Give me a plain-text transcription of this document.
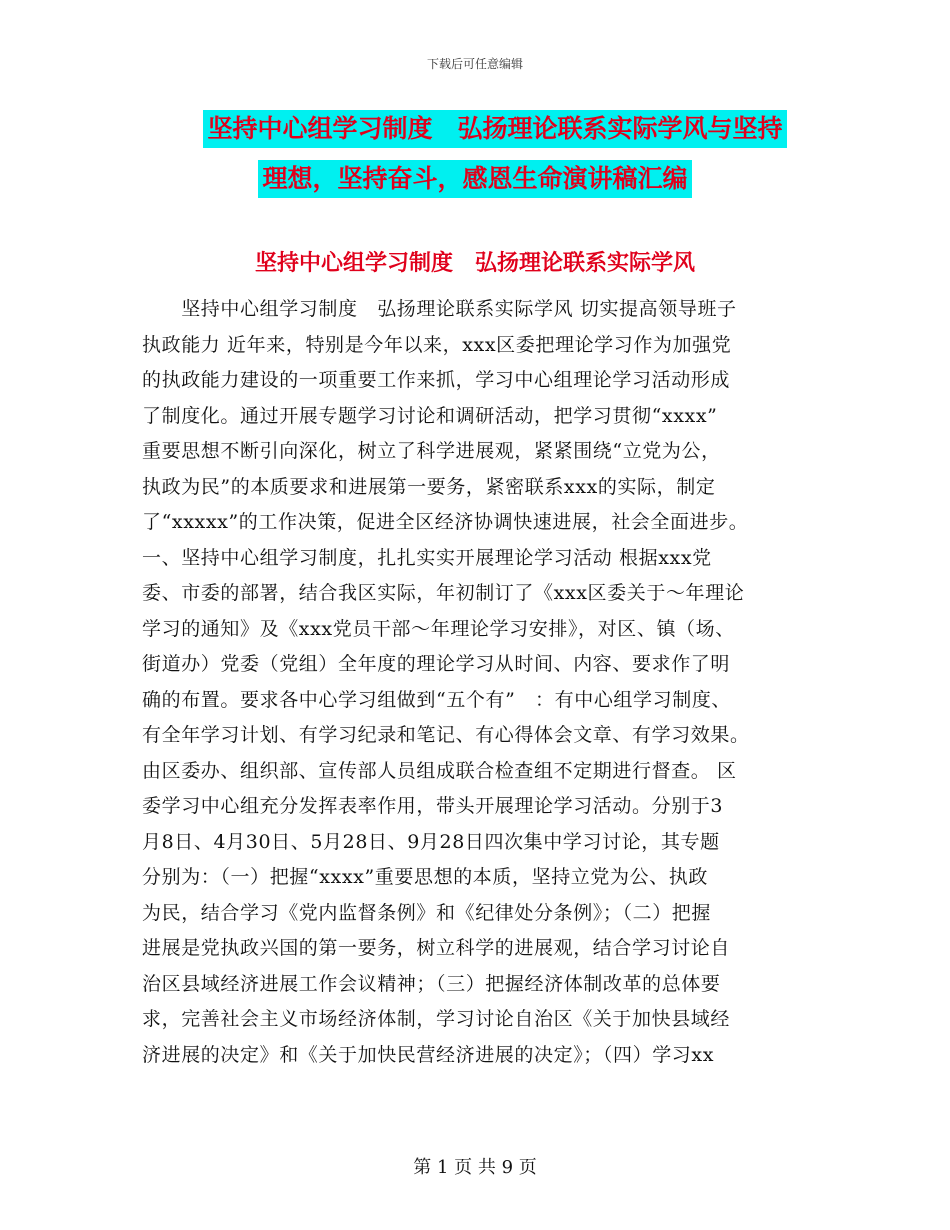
下载后可任意编辑
坚持中心组学习制度　弘扬理论联系实际学风与坚持
理想，坚持奋斗，感恩生命演讲稿汇编
坚持中心组学习制度　弘扬理论联系实际学风
　　坚持中心组学习制度　弘扬理论联系实际学风 切实提高领导班子
执政能力 近年来，特别是今年以来，xxx区委把理论学习作为加强党
的执政能力建设的一项重要工作来抓，学习中心组理论学习活动形成
了制度化。通过开展专题学习讨论和调研活动，把学习贯彻“xxxx”
重要思想不断引向深化，树立了科学进展观，紧紧围绕“立党为公，
执政为民”的本质要求和进展第一要务，紧密联系xxx的实际，制定
了“xxxxx”的工作决策，促进全区经济协调快速进展，社会全面进步。
一、坚持中心组学习制度，扎扎实实开展理论学习活动 根据xxx党
委、市委的部署，结合我区实际，年初制订了《xxx区委关于～年理论
学习的通知》及《xxx党员干部～年理论学习安排》，对区、镇（场、
街道办）党委（党组）全年度的理论学习从时间、内容、要求作了明
确的布置。要求各中心学习组做到“五个有”　：有中心组学习制度、
有全年学习计划、有学习纪录和笔记、有心得体会文章、有学习效果。
由区委办、组织部、宣传部人员组成联合检查组不定期进行督查。 区
委学习中心组充分发挥表率作用，带头开展理论学习活动。分别于3
月8日、4月30日、5月28日、9月28日四次集中学习讨论，其专题
分别为：（一）把握“xxxx”重要思想的本质，坚持立党为公、执政
为民，结合学习《党内监督条例》和《纪律处分条例》；（二）把握
进展是党执政兴国的第一要务，树立科学的进展观，结合学习讨论自
治区县域经济进展工作会议精神；（三）把握经济体制改革的总体要
求，完善社会主义市场经济体制，学习讨论自治区《关于加快县域经
济进展的决定》和《关于加快民营经济进展的决定》；（四）学习xx
第 1 页 共 9 页
